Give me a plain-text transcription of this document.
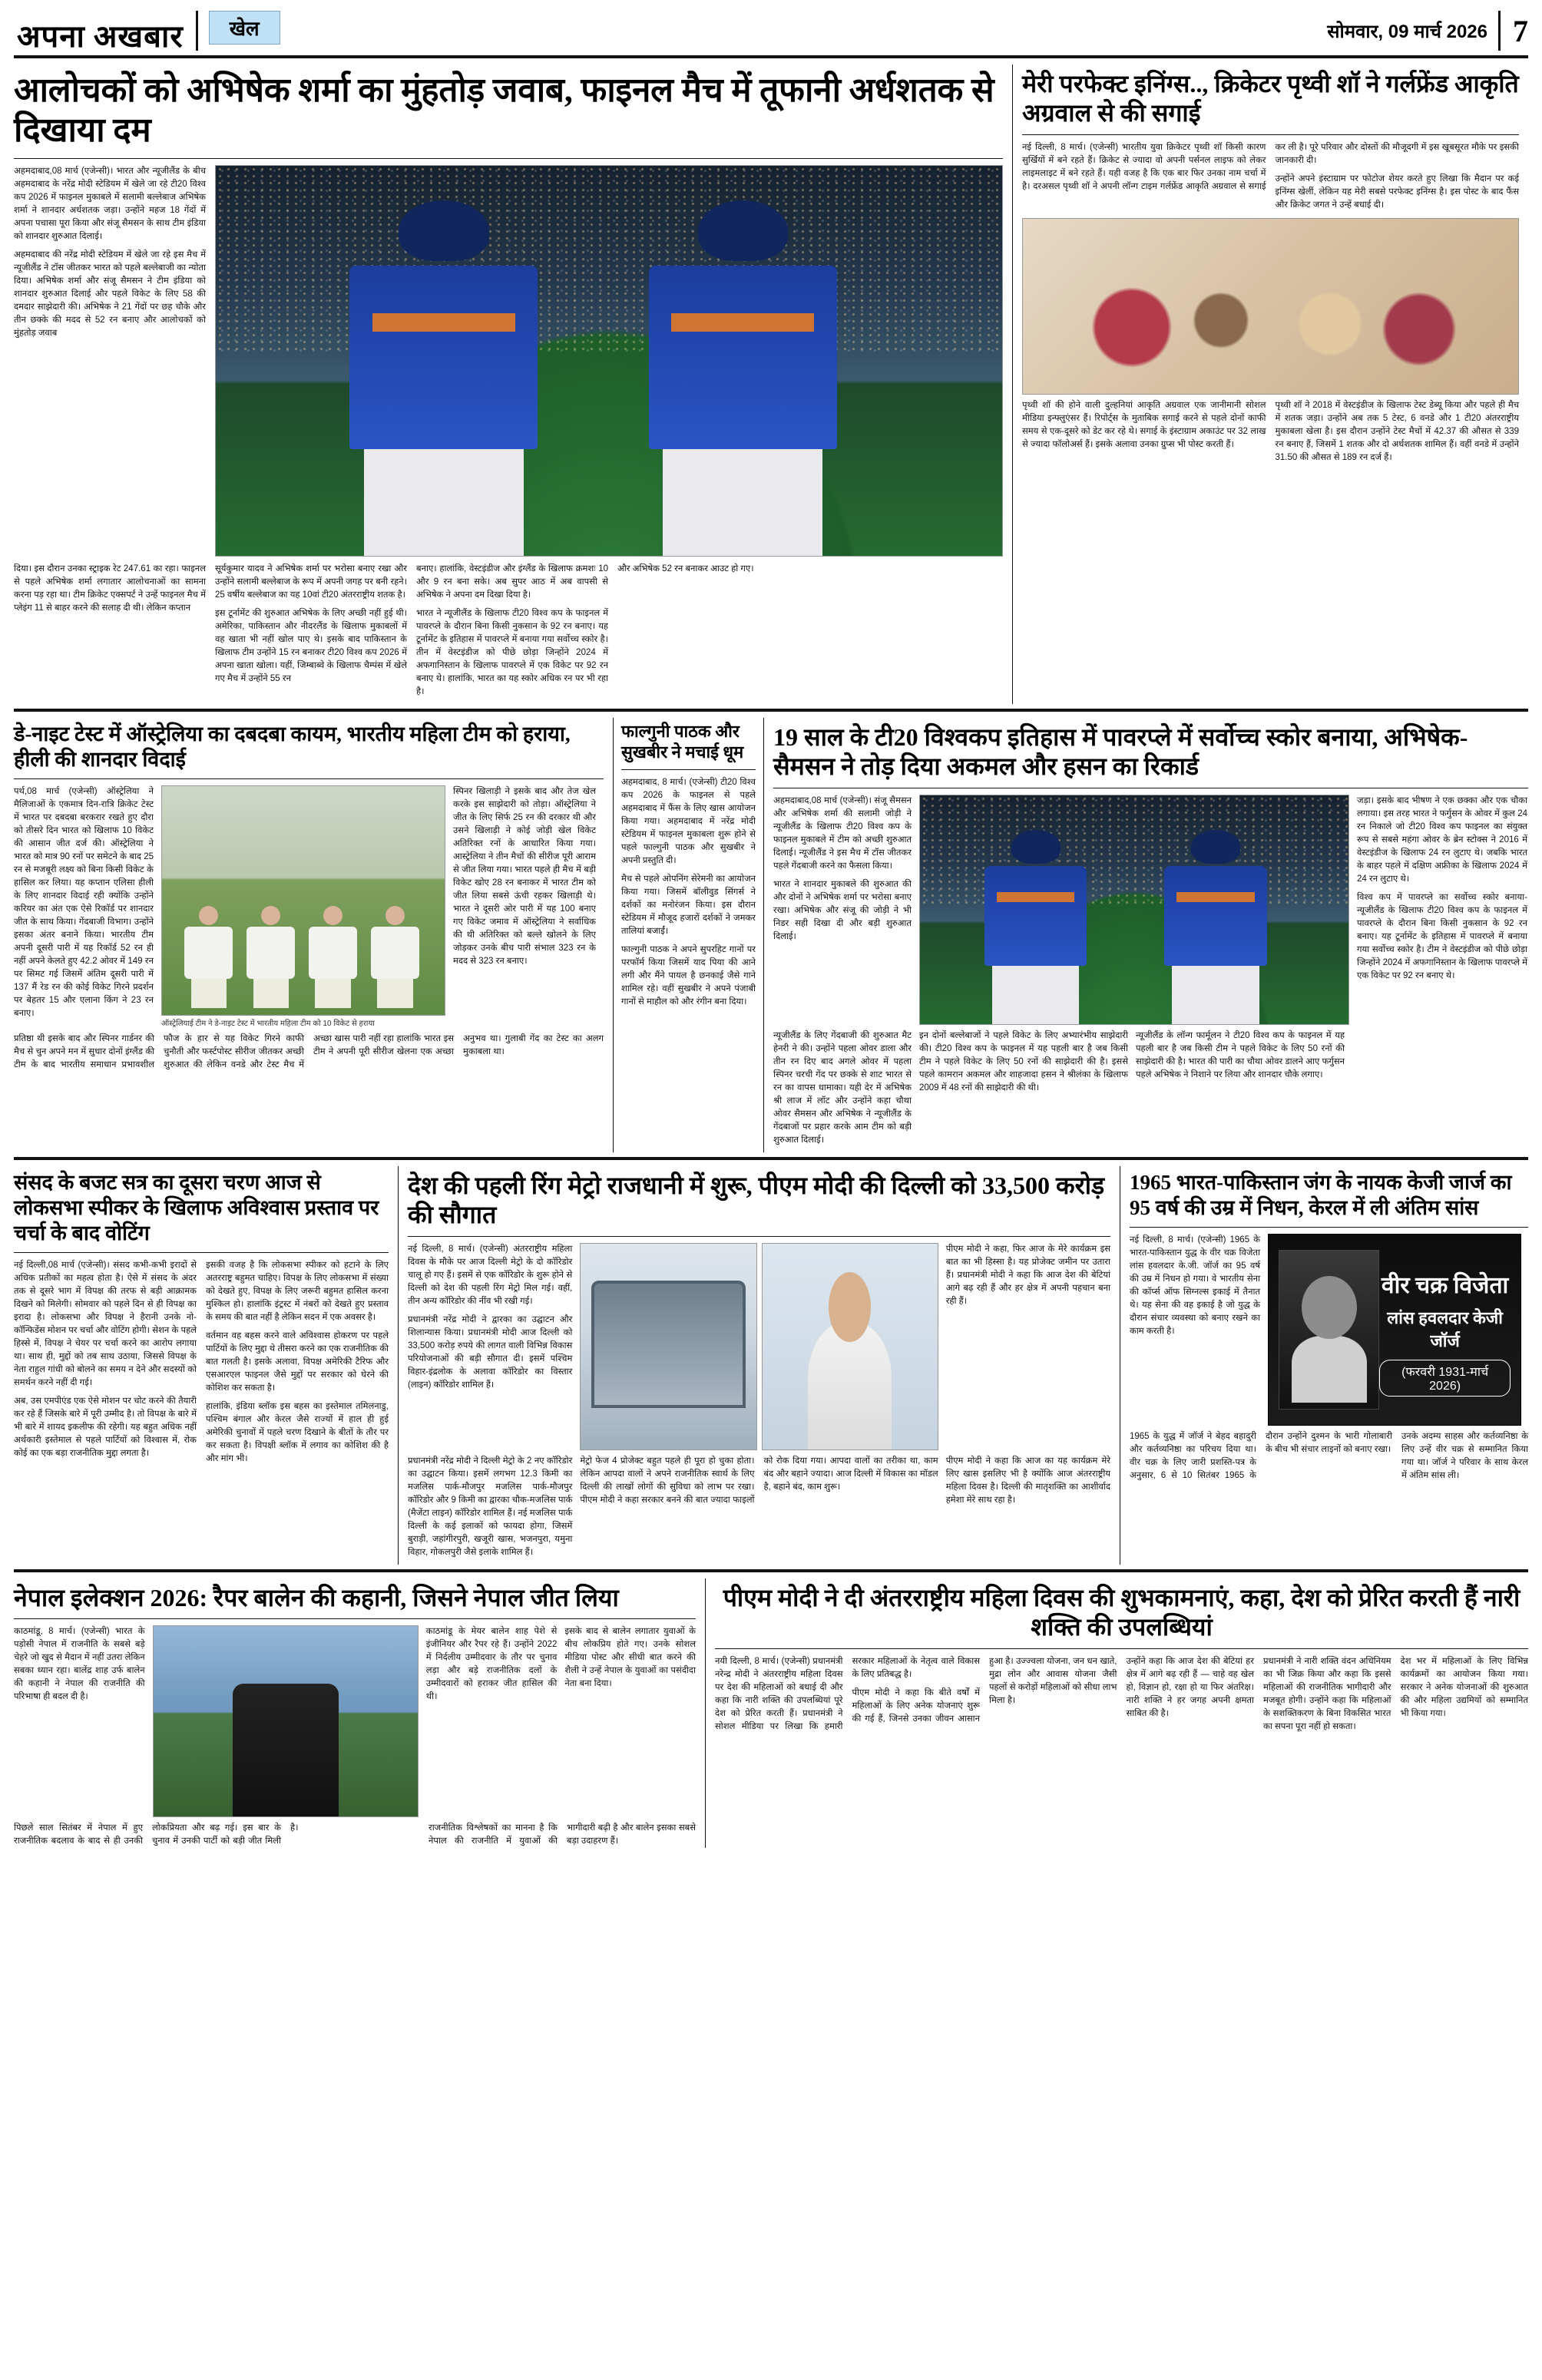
अपना अखबार	खेल	सोमवार, 09 मार्च 2026 7
आलोचकों को अभिषेक शर्मा का मुंहतोड़ जवाब, फाइनल मैच में तूफानी अर्धशतक से दिखाया दम

अहमदाबाद,08 मार्च (एजेन्सी)। भारत और न्यूजीलैंड के बीच अहमदाबाद के नरेंद्र मोदी स्टेडियम में खेले जा रहे टी20 विश्व कप 2026 में फाइनल मुकाबले में सलामी बल्लेबाज अभिषेक शर्मा ने शानदार अर्धशतक जड़ा। उन्होंने महज 18 गेंदों में अपना पचासा पूरा किया और संजू सैमसन के साथ टीम इंडिया को शानदार शुरुआत दिलाई।

अहमदाबाद की नरेंद्र मोदी स्टेडियम में खेले जा रहे इस मैच में न्यूजीलैंड ने टॉस जीतकर भारत को पहले बल्लेबाजी का न्योता दिया। अभिषेक शर्मा और संजू सैमसन ने टीम इंडिया को शानदार शुरुआत दिलाई और पहले विकेट के लिए 58 की दमदार साझेदारी की। अभिषेक ने 21 गेंदों पर छह चौके और तीन छक्के की मदद से 52 रन बनाए और आलोचकों को मुंहतोड़ जवाब

दिया। इस दौरान उनका स्ट्राइक रेट 247.61 का रहा। फाइनल से पहले अभिषेक शर्मा लगातार आलोचनाओं का सामना करना पड़ रहा था। टीम क्रिकेट एक्सपर्ट ने उन्हें फाइनल मैच में प्लेइंग 11 से बाहर करने की सलाह दी थी। लेकिन कप्तान

सूर्यकुमार यादव ने अभिषेक शर्मा पर भरोसा बनाए रखा और उन्होंने सलामी बल्लेबाज के रूप में अपनी जगह पर बनी रहने। 25 वर्षीय बल्लेबाज का यह 10वां टी20 अंतरराष्ट्रीय शतक है।

इस टूर्नामेंट की शुरुआत अभिषेक के लिए अच्छी नहीं हुई थी। अमेरिका, पाकिस्तान और नीदरलैंड के खिलाफ मुकाबलों में वह खाता भी नहीं खोल पाए थे। इसके बाद पाकिस्तान के खिलाफ टीम उन्होंने 15 रन बनाकर टी20 विश्व कप 2026 में अपना खाता खोला। यहीं, जिम्बाब्वे के खिलाफ चैम्पंस में खेले गए मैच में उन्होंने 55 रन

बनाए। हालांकि, वेस्टइंडीज और इंग्लैंड के खिलाफ क्रमशः 10 और 9 रन बना सके। अब सुपर आठ में अब वापसी से अभिषेक ने अपना दम दिखा दिया है।

भारत ने न्यूजीलैंड के खिलाफ टी20 विश्व कप के फाइनल में पावरप्ले के दौरान बिना किसी नुकसान के 92 रन बनाए। यह टूर्नामेंट के इतिहास में पावरप्ले में बनाया गया सर्वोच्च स्कोर है। तीन में वेस्टइंडीज को पीछे छोड़ा जिन्होंने 2024 में अफगानिस्तान के खिलाफ पावरप्ले में एक विकेट पर 92 रन बनाए थे। हालांकि, भारत का यह स्कोर अधिक रन पर भी रहा है।

और अभिषेक 52 रन बनाकर आउट हो गए।

मेरी परफेक्ट इनिंग्स.., क्रिकेटर पृथ्वी शॉ ने गर्लफ्रेंड आकृति अग्रवाल से की सगाई

नई दिल्ली, 8 मार्च। (एजेन्सी) भारतीय युवा क्रिकेटर पृथ्वी शॉ किसी कारण सुर्खियों में बने रहते हैं। क्रिकेट से ज्यादा वो अपनी पर्सनल लाइफ को लेकर लाइमलाइट में बने रहते हैं। यही वजह है कि एक बार फिर उनका नाम चर्चा में है। दरअसल पृथ्वी शॉ ने अपनी लॉन्ग टाइम गर्लफ्रेंड आकृति अग्रवाल से सगाई कर ली है। पूरे परिवार और दोस्तों की मौजूदगी में इस खूबसूरत मौके पर इसकी जानकारी दी।

उन्होंने अपने इंस्टाग्राम पर फोटोज शेयर करते हुए लिखा कि मैदान पर कई इनिंग्स खेलीं, लेकिन यह मेरी सबसे परफेक्ट इनिंग्स है। इस पोस्ट के बाद फैंस और क्रिकेट जगत ने उन्हें बधाई दी।

पृथ्वी शॉ की होने वाली दुल्हनियां आकृति अग्रवाल एक जानीमानी सोशल मीडिया इन्फ्लुएंसर हैं। रिपोर्ट्स के मुताबिक सगाई करने से पहले दोनों काफी समय से एक-दूसरे को डेट कर रहे थे। सगाई के इंस्टाग्राम अकाउंट पर 32 लाख से ज्यादा फॉलोअर्स हैं। इसके अलावा उनका ग्रुप्स भी पोस्ट करती हैं।

पृथ्वी शॉ ने 2018 में वेस्टइंडीज के खिलाफ टेस्ट डेब्यू किया और पहले ही मैच में शतक जड़ा। उन्होंने अब तक 5 टेस्ट, 6 वनडे और 1 टी20 अंतरराष्ट्रीय मुकाबला खेला है। इस दौरान उन्होंने टेस्ट मैचों में 42.37 की औसत से 339 रन बनाए हैं, जिसमें 1 शतक और दो अर्धशतक शामिल हैं। वहीं वनडे में उन्होंने 31.50 की औसत से 189 रन दर्ज हैं।

डे-नाइट टेस्ट में ऑस्ट्रेलिया का दबदबा कायम, भारतीय महिला टीम को हराया, हीली की शानदार विदाई

पर्थ,08 मार्च (एजेन्सी) ऑस्ट्रेलिया ने मैलिजाओं के एकमात्र दिन-रात्रि क्रिकेट टेस्ट में भारत पर दबदबा बरकरार रखते हुए दौरा को तीसरे दिन भारत को खिलाफ 10 विकेट की आसान जीत दर्ज की। ऑस्ट्रेलिया ने भारत को मात्र 90 रनों पर समेटने के बाद 25 रन से मजबूरी लक्ष्य को बिना किसी विकेट के हासिल कर लिया। यह कप्तान एलिसा हीली के लिए शानदार विदाई रही क्योंकि उन्होंने करियर का अंत एक ऐसे रिकॉर्ड पर शानदार जीत के साथ किया। गेंदबाजी विभाग। उन्होंने इसका अंतर बनाने किया। भारतीय टीम अपनी दूसरी पारी में यह रिकॉर्ड 52 रन ही नहीं अपने केलते हुए 42.2 ओवर में 149 रन पर सिमट गई जिसमें अंतिम दूसरी पारी में 137 मैं रेड रन की कोई विकेट गिरने प्रदर्शन पर बेहतर 15 और एलाना किंग ने 23 रन बनाए।

ऑस्ट्रेलियाई टीम ने डे-नाइट टेस्ट में भारतीय महिला टीम को 10 विकेट से हराया

स्पिनर खिलाड़ी ने इसके बाद और तेज खेल करके इस साझेदारी को तोड़ा। ऑस्ट्रेलिया ने जीत के लिए सिर्फ 25 रन की दरकार थी और उसने खिलाड़ी ने कोई जोड़ी खेल विकेट अतिरिक्त रनों के आधारित किया गया। आस्ट्रेलिया ने तीन मैचों की सीरीज पूरी आराम से जीत लिया गया। भारत पहले ही मैच में बड़ी विकेट खोए 28 रन बनाकर में भारत टीम को जीत लिया सबसे ऊंची रहकर खिलाड़ी थे। भारत ने दूसरी ओर पारी में यह 100 बनाए गए विकेट जमाव में ऑस्ट्रेलिया ने सर्वाधिक की थी अतिरिक्त को बल्ले खोलने के लिए जोड़कर उनके बीच पारी संभाल 323 रन के मदद से 323 रन बनाए।

प्रतिष्ठा थी इसके बाद और स्पिनर गार्डनर की मैच से चुन अपने मन में सुधार दोनों इंग्लैंड की टीम के बाद भारतीय समाधान प्रभावशील फौज के हार से यह विकेट गिरने काफी चुनौती और फर्स्टपोस्ट सीरीज जीतकर अच्छी शुरुआत की लेकिन वनडे और टेस्ट मैच में अच्छा खास पारी नहीं रहा हालांकि भारत इस टीम ने अपनी पूरी सीरीज खेलना एक अच्छा अनुभव था। गुलाबी गेंद का टेस्ट का अलग मुकाबला था।

फाल्गुनी पाठक और सुखबीर ने मचाई धूम

अहमदाबाद, 8 मार्च। (एजेन्सी) टी20 विश्व कप 2026 के फाइनल से पहले अहमदाबाद में फैंस के लिए खास आयोजन किया गया। अहमदाबाद में नरेंद्र मोदी स्टेडियम में फाइनल मुकाबला शुरू होने से पहले फाल्गुनी पाठक और सुखबीर ने अपनी प्रस्तुति दी।

मैच से पहले ओपनिंग सेरेमनी का आयोजन किया गया। जिसमें बॉलीवुड सिंगर्स ने दर्शकों का मनोरंजन किया। इस दौरान स्टेडियम में मौजूद हजारों दर्शकों ने जमकर तालियां बजाईं।

फाल्गुनी पाठक ने अपने सुपरहिट गानों पर परफॉर्म किया जिसमें याद पिया की आने लगी और मैंने पायल है छनकाई जैसे गाने शामिल रहे। वहीं सुखबीर ने अपने पंजाबी गानों से माहौल को और रंगीन बना दिया।

19 साल के टी20 विश्वकप इतिहास में पावरप्ले में सर्वोच्च स्कोर बनाया, अभिषेक-सैमसन ने तोड़ दिया अकमल और हसन का रिकार्ड

अहमदाबाद,08 मार्च (एजेन्सी)। संजू सैमसन और अभिषेक शर्मा की सलामी जोड़ी ने न्यूजीलैंड के खिलाफ टी20 विश्व कप के फाइनल मुकाबले में टीम को अच्छी शुरुआत दिलाई। न्यूजीलैंड ने इस मैच में टॉस जीतकर पहले गेंदबाजी करने का फैसला किया।

भारत ने शानदार मुकाबले की शुरुआत की और दोनों ने अभिषेक शर्मा पर भरोसा बनाए रखा। अभिषेक और संजू की जोड़ी ने भी निडर सही दिखा दी और बड़ी शुरुआत दिलाई।

जड़ा। इसके बाद भीषण ने एक छक्का और एक चौका लगाया। इस तरह भारत ने फर्गुसन के ओवर में कुल 24 रन निकाले जो टी20 विश्व कप फाइनल का संयुक्त रूप से सबसे महंगा ओवर के ब्रेन स्टोक्स ने 2016 में वेस्टइंडीज के खिलाफ 24 रन लुटाए थे। जबकि भारत के बाहर पहले में दक्षिण अफ्रीका के खिलाफ 2024 में 24 रन लुटाए थे।

विश्व कप में पावरप्ले का सर्वोच्च स्कोर बनाया- न्यूजीलैंड के खिलाफ टी20 विश्व कप के फाइनल में पावरप्ले के दौरान बिना किसी नुकसान के 92 रन बनाए। यह टूर्नामेंट के इतिहास में पावरप्ले में बनाया गया सर्वोच्च स्कोर है। टीम ने वेस्टइंडीज को पीछे छोड़ा जिन्होंने 2024 में अफगानिस्तान के खिलाफ पावरप्ले में एक विकेट पर 92 रन बनाए थे।

न्यूजीलैंड के लिए गेंदबाजी की शुरुआत मैट हेनरी ने की। उन्होंने पहला ओवर डाला और तीन रन दिए बाद अगले ओवर में पहला स्पिनर चरची गेंद पर छक्के से शाट भारत से रन का वापस धामाका। यही देर में अभिषेक श्री लाज में लॉट और उन्होंने कहा चौथा ओवर सैमसन और अभिषेक ने न्यूजीलैंड के गेंदबाजों पर प्रहार करके आम टीम को बड़ी शुरुआत दिलाई।

इन दोनों बल्लेबाजों ने पहले विकेट के लिए अभ्यारंभीय साझेदारी की। टी20 विश्व कप के फाइनल में यह पहली बार है जब किसी टीम ने पहले विकेट के लिए 50 रनों की साझेदारी की है। इससे पहले कामरान अकमल और शाहजादा हसन ने श्रीलंका के खिलाफ 2009 में 48 रनों की साझेदारी की थी।

न्यूजीलैंड के लॉन्ग फार्मूलन ने टी20 विश्व कप के फाइनल में यह पहली बार है जब किसी टीम ने पहले विकेट के लिए 50 रनों की साझेदारी की है। भारत की पारी का चौथा ओवर डालने आए फर्गुसन पहले अभिषेक ने निशाने पर लिया और शानदार चौके लगाए।

संसद के बजट सत्र का दूसरा चरण आज से लोकसभा स्पीकर के खिलाफ अविश्वास प्रस्ताव पर चर्चा के बाद वोटिंग

नई दिल्ली,08 मार्च (एजेन्सी)। संसद कभी-कभी इरादों से अधिक प्रतीकों का महत्व होता है। ऐसे में संसद के अंदर तक से दूसरे भाग में विपक्ष की तरफ से बड़ी आक्रामक दिखने को मिलेगी। सोमवार को पहले दिन से ही विपक्ष का इरादा है। लोकसभा और विपक्ष ने हैरानी उनके नो-कॉन्फिडेंस मोशन पर चर्चा और वोटिंग होगी। सेशन के पहले हिस्से में, विपक्ष ने चेयर पर चर्चा करने का आरोप लगाया था। साथ ही, मुद्दों को तब साथ उठाया, जिससे विपक्ष के नेता राहुल गांधी को बोलने का समय न देने और सदस्यों को समर्थन करने नहीं दी गई।

अब, उस एमपीएंड एक ऐसे मोशन पर चोट करने की तैयारी कर रहे हैं जिसके बारे में पूरी उम्मीद है। तो विपक्ष के बारे में भी बारे में शायद इकलीफ की रहेगी। यह बहुत अधिक नहीं अर्थकारी इस्तेमाल से पहले पार्टियों को विश्वास में, रोक कोई का एक बड़ा राजनीतिक मुद्दा लगता है।

इसकी वजह है कि लोकसभा स्पीकर को हटाने के लिए अतरराष्ट्र बहुमत चाहिए। विपक्ष के लिए लोकसभा में संख्या को देखते हुए, विपक्ष के लिए जरूरी बहुमत हासिल करना मुश्किल हो। हालांकि इंट्रस्ट में नंबरों को देखते हुए प्रस्ताव के समय की बात नहीं है लेकिन सदन में एक अवसर है।

वर्तमान वह बहस करने वाले अविश्वास होकरण पर पहले पार्टियों के लिए मुद्दा थे तीसरा करने का एक राजनीतिक की बात गलती है। इसके अलावा, विपक्ष अमेरिकी टैरिफ और एसआरएल फाइनल जैसे मुद्दों पर सरकार को घेरने की कोशिश कर सकता है।

हालांकि, इंडिया ब्लॉक इस बहस का इस्तेमाल तमिलनाडु, पश्चिम बंगाल और केरल जैसे राज्यों में हाल ही हुई अमेरिकी चुनावों में पहले चरण दिखाने के बीतों के तौर पर कर सकता है। विपक्षी ब्लॉक में लगाव का कोशिश की है और मांग भी।

देश की पहली रिंग मेट्रो राजधानी में शुरू, पीएम मोदी की दिल्ली को 33,500 करोड़ की सौगात

नई दिल्ली, 8 मार्च। (एजेन्सी) अंतरराष्ट्रीय महिला दिवस के मौके पर आज दिल्ली मेट्रो के दो कॉरिडोर चालू हो गए हैं। इसमें से एक कॉरिडोर के शुरू होने से दिल्ली को देश की पहली रिंग मेट्रो मिल गई। वहीं, तीन अन्य कॉरिडोर की नींव भी रखी गई।

प्रधानमंत्री नरेंद्र मोदी ने द्वारका का उद्घाटन और शिलान्यास किया। प्रधानमंत्री मोदी आज दिल्ली को 33,500 करोड़ रुपये की लागत वाली विभिन्न विकास परियोजनाओं की बड़ी सौगात दी। इसमें पश्चिम विहार-इंद्रलोक के अलावा कॉरिडोर का विस्तार (लाइन) कॉरिडोर शामिल हैं।

पीएम मोदी ने कहा, फिर आज के मेरे कार्यक्रम इस बात का भी हिस्सा है। यह प्रोजेक्ट जमीन पर उतारा हैं। प्रधानमंत्री मोदी ने कहा कि आज देश की बेटियां आगे बढ़ रही हैं और हर क्षेत्र में अपनी पहचान बना रही हैं।

प्रधानमंत्री नरेंद्र मोदी ने दिल्ली मेट्रो के 2 नए कॉरिडोर का उद्घाटन किया। इसमें लगभग 12.3 किमी का मजलिस पार्क-मौजपुर मजलिस पार्क-मौजपुर कॉरिडोर और 9 किमी का द्वारका चौक-मजलिस पार्क (मैजेंटा लाइन) कॉरिडोर शामिल हैं। नई मजलिस पार्क दिल्ली के कई इलाकों को फायदा होगा, जिसमें बुराड़ी, जहांगीरपुरी, खजूरी खास, भजनपुरा, यमुना विहार, गोकलपुरी जैसे इलाके शामिल हैं।

मेट्रो फेज 4 प्रोजेक्ट बहुत पहले ही पूरा हो चुका होता। लेकिन आपदा वालों ने अपने राजनीतिक स्वार्थ के लिए दिल्ली की लाखों लोगों की सुविधा को लाभ पर रखा। पीएम मोदी ने कहा सरकार बनने की बात ज्यादा फाइलों को रोक दिया गया। आपदा वालों का तरीका था, काम बंद और बहाने ज्यादा। आज दिल्ली में विकास का मॉडल है, बहाने बंद, काम शुरू।

पीएम मोदी ने कहा कि आज का यह कार्यक्रम मेरे लिए खास इसलिए भी है क्योंकि आज अंतरराष्ट्रीय महिला दिवस है। दिल्ली की मातृशक्ति का आशीर्वाद हमेशा मेरे साथ रहा है।

1965 भारत-पाकिस्तान जंग के नायक केजी जार्ज का 95 वर्ष की उम्र में निधन, केरल में ली अंतिम सांस

नई दिल्ली, 8 मार्च। (एजेन्सी) 1965 के भारत-पाकिस्तान युद्ध के वीर चक्र विजेता लांस हवलदार के.जी. जॉर्ज का 95 वर्ष की उम्र में निधन हो गया। वे भारतीय सेना की कॉर्प्स ऑफ सिग्नल्स इकाई में तैनात थे। यह सेना की वह इकाई है जो युद्ध के दौरान संचार व्यवस्था को बनाए रखने का काम करती है।

वीर चक्र विजेता
लांस हवलदार केजी जॉर्ज
(फरवरी 1931-मार्च 2026)

1965 के युद्ध में जॉर्ज ने बेहद बहादुरी और कर्तव्यनिष्ठा का परिचय दिया था। वीर चक्र के लिए जारी प्रशस्ति-पत्र के अनुसार, 6 से 10 सितंबर 1965 के दौरान उन्होंने दुश्मन के भारी गोलाबारी के बीच भी संचार लाइनों को बनाए रखा।

उनके अदम्य साहस और कर्तव्यनिष्ठा के लिए उन्हें वीर चक्र से सम्मानित किया गया था। जॉर्ज ने परिवार के साथ केरल में अंतिम सांस ली।

नेपाल इलेक्शन 2026: रैपर बालेन की कहानी, जिसने नेपाल जीत लिया

काठमांडू, 8 मार्च। (एजेन्सी) भारत के पड़ोसी नेपाल में राजनीति के सबसे बड़े चेहरे जो खुद से मैदान में नहीं उतरा लेकिन सबका ध्यान रहा। बालेंद्र शाह उर्फ बालेन की कहानी ने नेपाल की राजनीति की परिभाषा ही बदल दी है।

काठमांडू के मेयर बालेन शाह पेशे से इंजीनियर और रैपर रहे हैं। उन्होंने 2022 में निर्दलीय उम्मीदवार के तौर पर चुनाव लड़ा और बड़े राजनीतिक दलों के उम्मीदवारों को हराकर जीत हासिल की थी।

इसके बाद से बालेन लगातार युवाओं के बीच लोकप्रिय होते गए। उनके सोशल मीडिया पोस्ट और सीधी बात करने की शैली ने उन्हें नेपाल के युवाओं का पसंदीदा नेता बना दिया।

पिछले साल सितंबर में नेपाल में हुए राजनीतिक बदलाव के बाद से ही उनकी लोकप्रियता और बढ़ गई। इस बार के चुनाव में उनकी पार्टी को बड़ी जीत मिली है।	राजनीतिक विश्लेषकों का मानना है कि नेपाल की राजनीति में युवाओं की भागीदारी बढ़ी है और बालेन इसका सबसे बड़ा उदाहरण हैं।

पीएम मोदी ने दी अंतरराष्ट्रीय महिला दिवस की शुभकामनाएं, कहा, देश को प्रेरित करती हैं नारी शक्ति की उपलब्धियां

नयी दिल्ली, 8 मार्च। (एजेन्सी) प्रधानमंत्री नरेन्द्र मोदी ने अंतरराष्ट्रीय महिला दिवस पर देश की महिलाओं को बधाई दी और कहा कि नारी शक्ति की उपलब्धियां पूरे देश को प्रेरित करती हैं। प्रधानमंत्री ने सोशल मीडिया पर लिखा कि हमारी सरकार महिलाओं के नेतृत्व वाले विकास के लिए प्रतिबद्ध है।

पीएम मोदी ने कहा कि बीते वर्षों में महिलाओं के लिए अनेक योजनाएं शुरू की गई हैं, जिनसे उनका जीवन आसान हुआ है। उज्ज्वला योजना, जन धन खाते, मुद्रा लोन और आवास योजना जैसी पहलों से करोड़ों महिलाओं को सीधा लाभ मिला है।

उन्होंने कहा कि आज देश की बेटियां हर क्षेत्र में आगे बढ़ रही हैं — चाहे वह खेल हो, विज्ञान हो, रक्षा हो या फिर अंतरिक्ष। नारी शक्ति ने हर जगह अपनी क्षमता साबित की है।

प्रधानमंत्री ने नारी शक्ति वंदन अधिनियम का भी जिक्र किया और कहा कि इससे महिलाओं की राजनीतिक भागीदारी और मजबूत होगी। उन्होंने कहा कि महिलाओं के सशक्तिकरण के बिना विकसित भारत का सपना पूरा नहीं हो सकता।

देश भर में महिलाओं के लिए विभिन्न कार्यक्रमों का आयोजन किया गया। सरकार ने अनेक योजनाओं की शुरुआत की और महिला उद्यमियों को सम्मानित भी किया गया।
